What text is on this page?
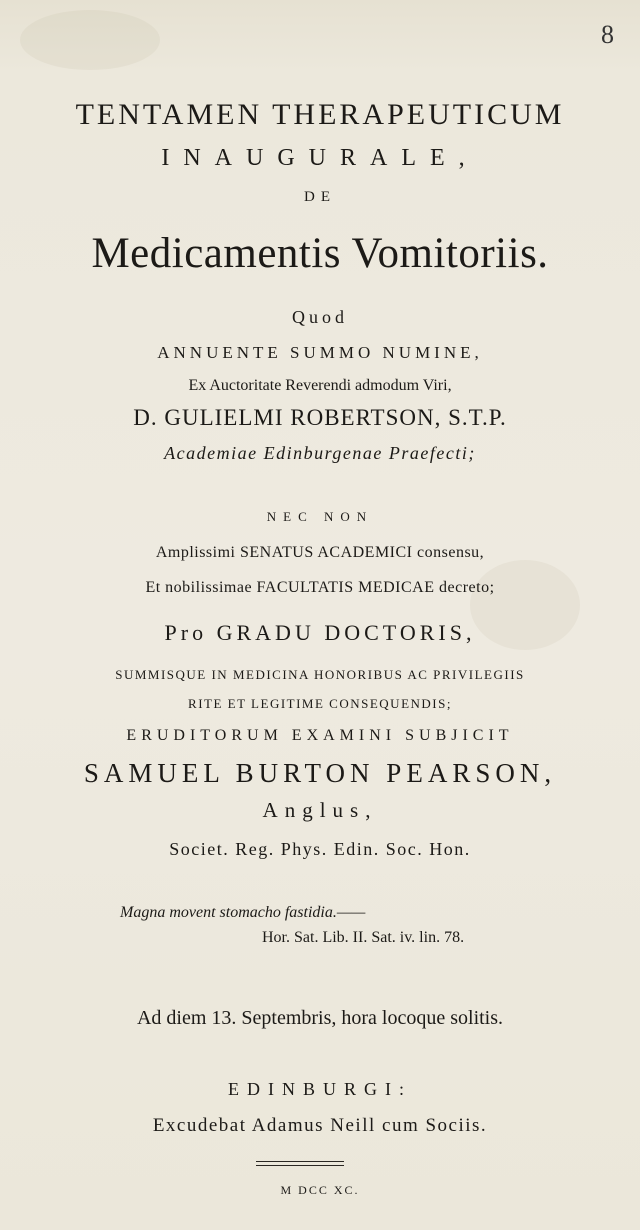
8
TENTAMEN THERAPEUTICUM
INAUGURALE,
DE
Medicamentis Vomitoriis.
Quod
ANNUENTE SUMMO NUMINE,
Ex Auctoritate Reverendi admodum Viri,
D. GULIELMI ROBERTSON, S.T.P.
Academiae Edinburgenae Praefecti;
NEC NON
Amplissimi SENATUS ACADEMICI consensu,
Et nobilissimae FACULTATIS MEDICAE decreto;
Pro GRADU DOCTORIS,
SUMMISQUE IN MEDICINA HONORIBUS AC PRIVILEGIIS
RITE ET LEGITIME CONSEQUENDIS;
ERUDITORUM EXAMINI SUBJICIT
SAMUEL BURTON PEARSON,
Anglus,
Societ. Reg. Phys. Edin. Soc. Hon.
Magna movent stomacho fastidia.——
Hor. Sat. Lib. II. Sat. iv. lin. 78.
Ad diem 13. Septembris, hora locoque solitis.
EDINBURGI:
Excudebat Adamus Neill cum Sociis.
M DCC XC.
